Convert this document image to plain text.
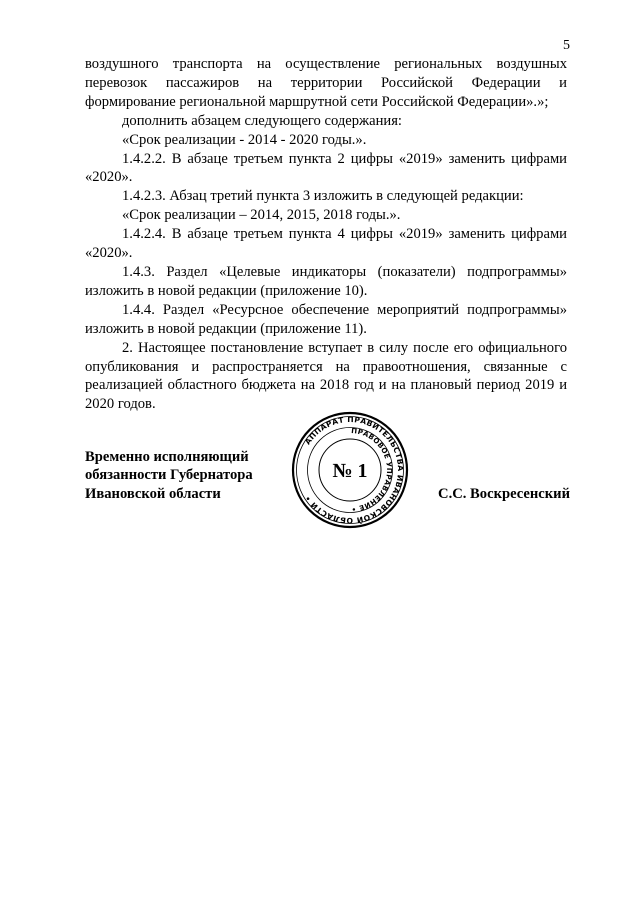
5

воздушного транспорта на осуществление региональных воздушных перевозок пассажиров на территории Российской Федерации и формирование региональной маршрутной сети Российской Федерации».»;

дополнить абзацем следующего содержания:

«Срок реализации - 2014 - 2020 годы.».

1.4.2.2. В абзаце третьем пункта 2 цифры «2019» заменить цифрами «2020».

1.4.2.3. Абзац третий пункта 3 изложить в следующей редакции:

«Срок реализации – 2014, 2015, 2018 годы.».

1.4.2.4. В абзаце третьем пункта 4 цифры «2019» заменить цифрами «2020».

1.4.3. Раздел «Целевые индикаторы (показатели) подпрограммы» изложить в новой редакции (приложение 10).

1.4.4. Раздел «Ресурсное обеспечение мероприятий подпрограммы» изложить в новой редакции (приложение 11).

2. Настоящее постановление вступает в силу после его официального опубликования и распространяется на правоотношения, связанные с реализацией областного бюджета на 2018 год и на плановый период 2019 и 2020 годов.

Временно исполняющий
обязанности Губернатора
Ивановской области
АППАРАТ ПРАВИТЕЛЬСТВА ИВАНОВСКОЙ ОБЛАСТИ •
ПРАВОВОЕ УПРАВЛЕНИЕ •
№ 1
С.С. Воскресенский
